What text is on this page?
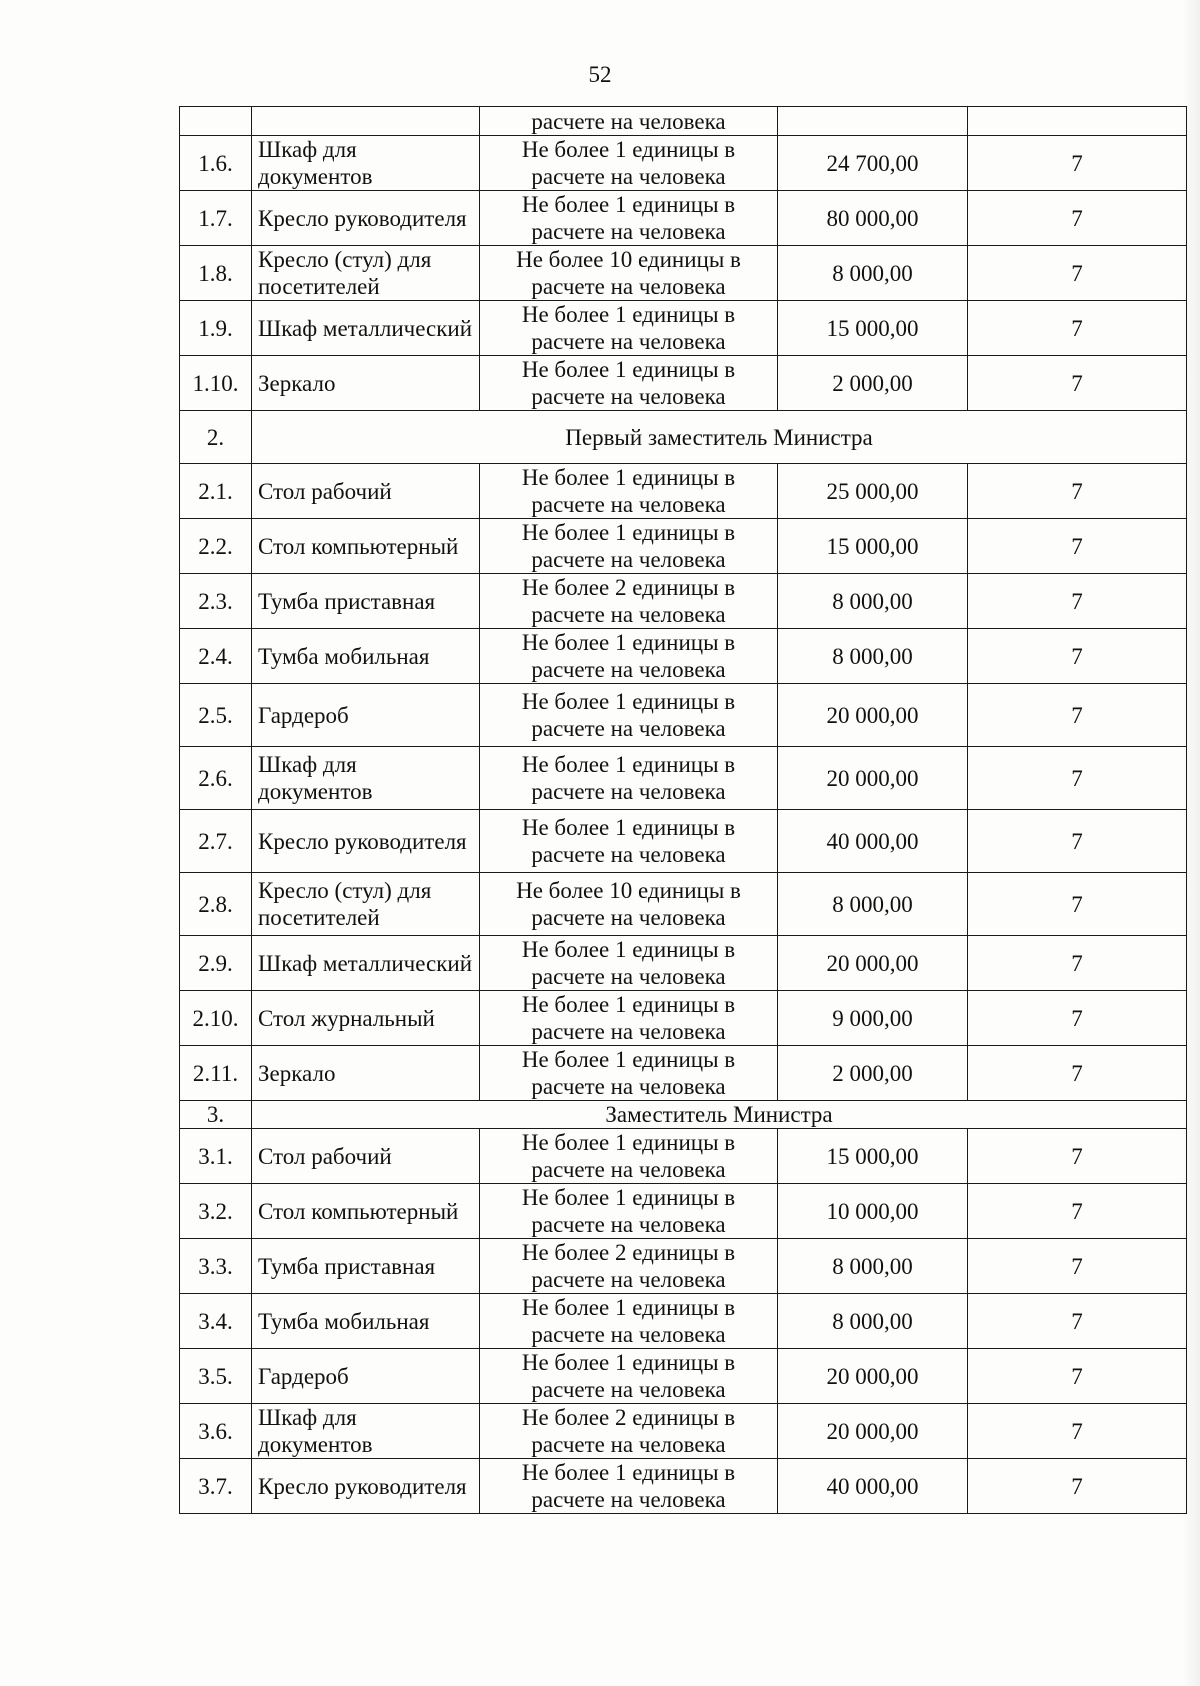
52
		расчете на человека		
1.6.	Шкаф для документов	Не более 1 единицы в расчете на человека	24 700,00	7
1.7.	Кресло руководителя	Не более 1 единицы в расчете на человека	80 000,00	7
1.8.	Кресло (стул) для посетителей	Не более 10 единицы в расчете на человека	8 000,00	7
1.9.	Шкаф металлический	Не более 1 единицы в расчете на человека	15 000,00	7
1.10.	Зеркало	Не более 1 единицы в расчете на человека	2 000,00	7
2.	Первый заместитель Министра			
2.1.	Стол рабочий	Не более 1 единицы в расчете на человека	25 000,00	7
2.2.	Стол компьютерный	Не более 1 единицы в расчете на человека	15 000,00	7
2.3.	Тумба приставная	Не более 2 единицы в расчете на человека	8 000,00	7
2.4.	Тумба мобильная	Не более 1 единицы в расчете на человека	8 000,00	7
2.5.	Гардероб	Не более 1 единицы в расчете на человека	20 000,00	7
2.6.	Шкаф для документов	Не более 1 единицы в расчете на человека	20 000,00	7
2.7.	Кресло руководителя	Не более 1 единицы в расчете на человека	40 000,00	7
2.8.	Кресло (стул) для посетителей	Не более 10 единицы в расчете на человека	8 000,00	7
2.9.	Шкаф металлический	Не более 1 единицы в расчете на человека	20 000,00	7
2.10.	Стол журнальный	Не более 1 единицы в расчете на человека	9 000,00	7
2.11.	Зеркало	Не более 1 единицы в расчете на человека	2 000,00	7
3.	Заместитель Министра			
3.1.	Стол рабочий	Не более 1 единицы в расчете на человека	15 000,00	7
3.2.	Стол компьютерный	Не более 1 единицы в расчете на человека	10 000,00	7
3.3.	Тумба приставная	Не более 2 единицы в расчете на человека	8 000,00	7
3.4.	Тумба мобильная	Не более 1 единицы в расчете на человека	8 000,00	7
3.5.	Гардероб	Не более 1 единицы в расчете на человека	20 000,00	7
3.6.	Шкаф для документов	Не более 2 единицы в расчете на человека	20 000,00	7
3.7.	Кресло руководителя	Не более 1 единицы в расчете на человека	40 000,00	7
